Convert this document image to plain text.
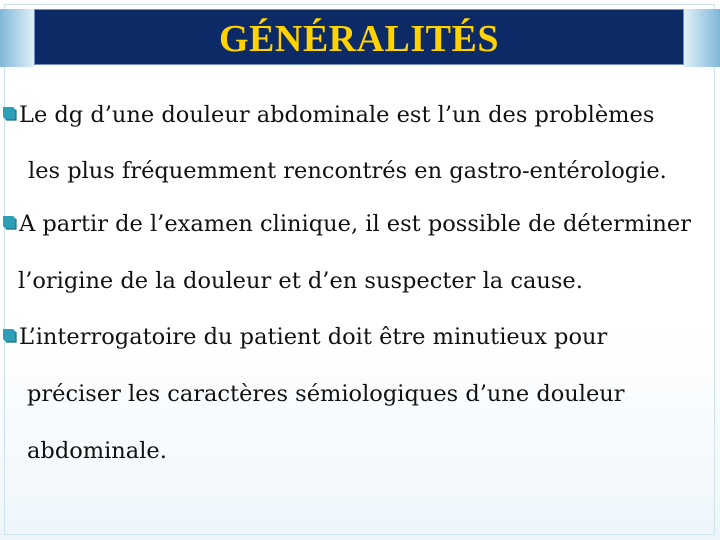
GÉNÉRALITÉS
Le dg d’une douleur abdominale est l’un des problèmes
les plus fréquemment rencontrés en gastro-entérologie.
A partir de l’examen clinique, il est possible de déterminer
l’origine de la douleur et d’en suspecter la cause.
L’interrogatoire du patient doit être minutieux pour
préciser les caractères sémiologiques d’une douleur
abdominale.
